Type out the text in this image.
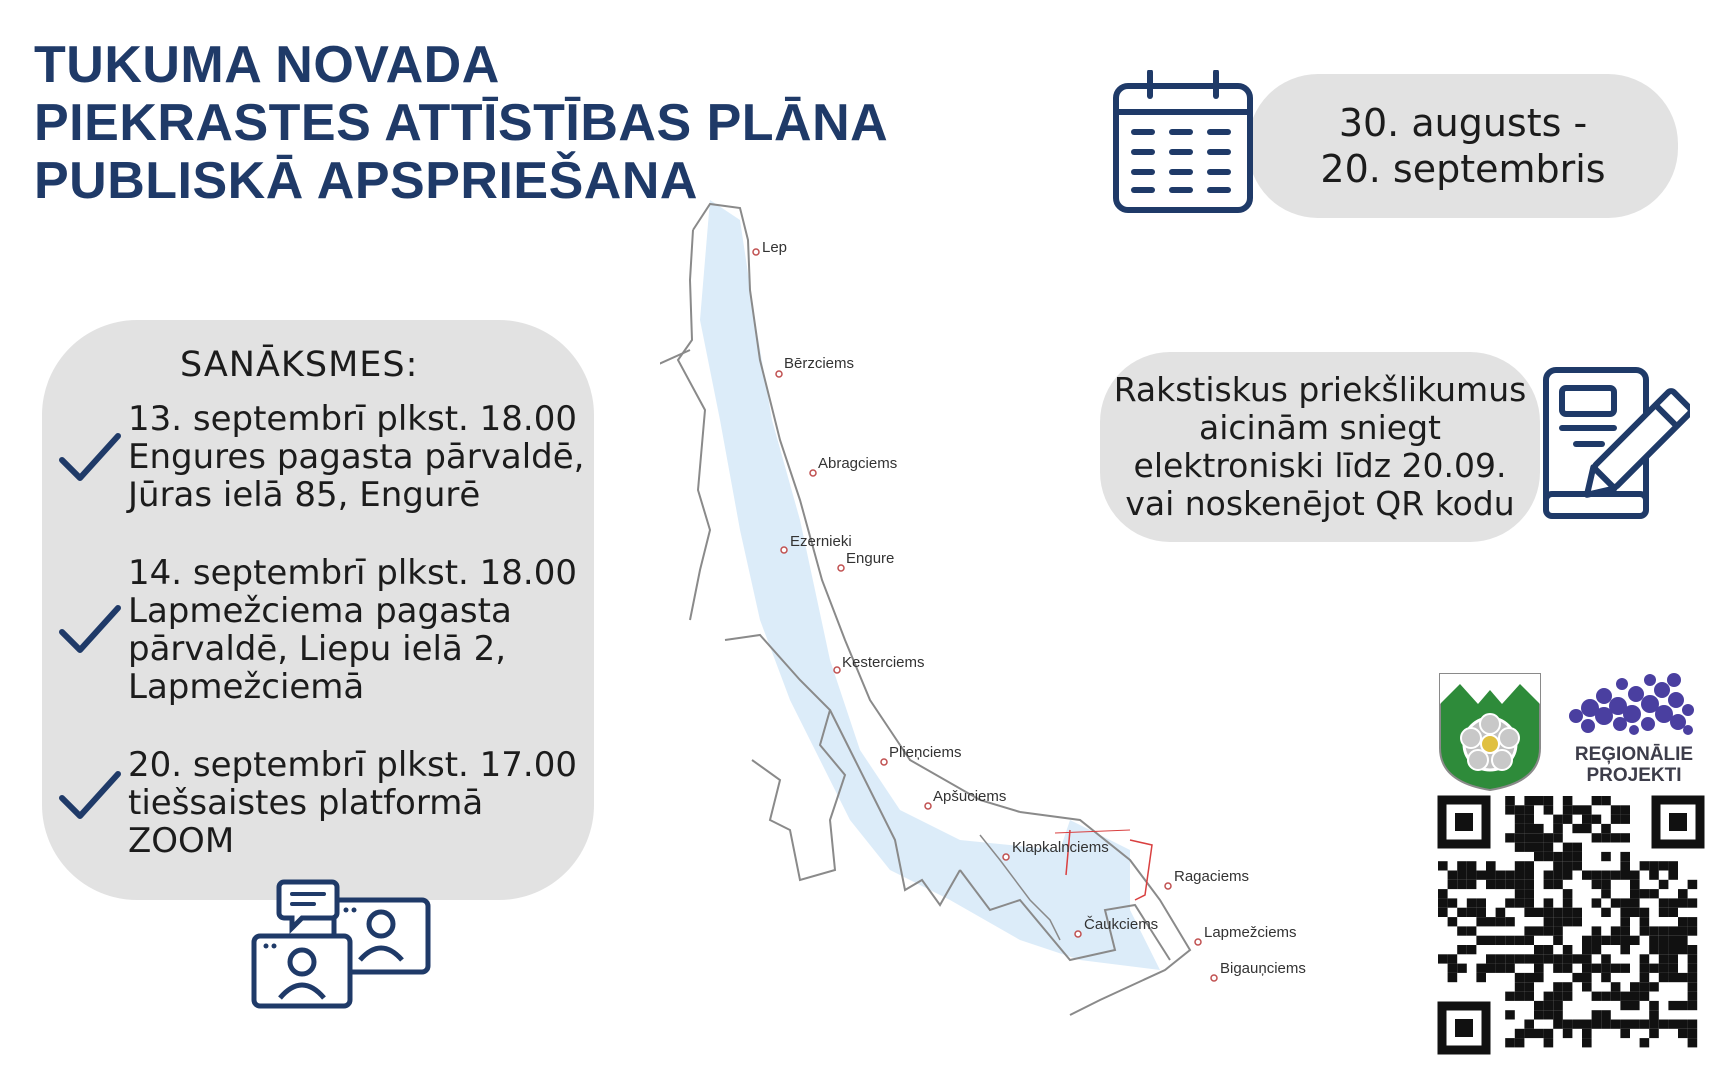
TUKUMA NOVADA
PIEKRASTES ATTĪSTĪBAS PLĀNA
PUBLISKĀ APSPRIEŠANA
30. augusts -
20. septembris
Rakstiskus priekšlikumus
aicinām sniegt
elektroniski līdz 20.09.
vai noskenējot QR kodu
SANĀKSMES:
13. septembrī plkst. 18.00
Engures pagasta pārvaldē,
Jūras ielā 85, Engurē
14. septembrī plkst. 18.00
Lapmežciema pagasta
pārvaldē, Liepu ielā 2,
Lapmežciemā
20. septembrī plkst. 17.00
tiešsaistes platformā
ZOOM
Lep
Bērzciems
Abragciems
Ezernieki
Engure
Kesterciems
Plieņciems
Apšuciems
Klapkalnciems
Ragaciems
Čaukciems	Lapmežciems
Bigauņciems
REĢIONĀLIE
PROJEKTI
